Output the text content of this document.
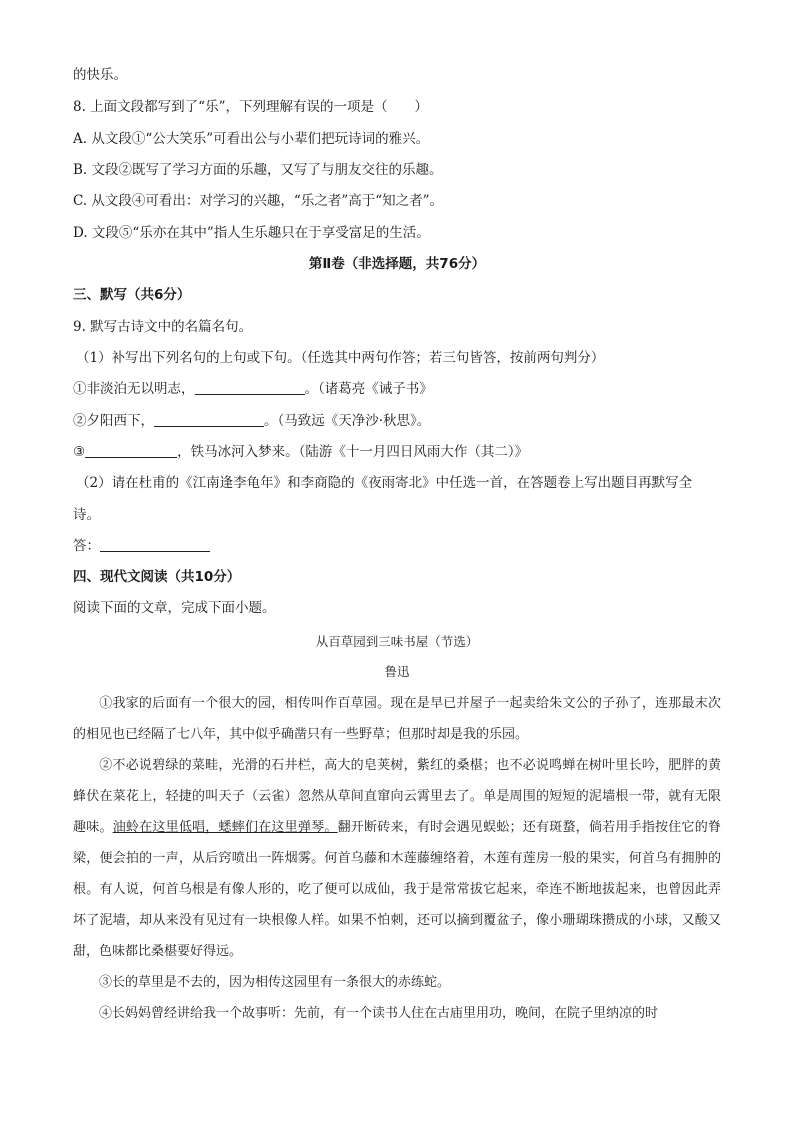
的快乐。
8. 上面文段都写到了“乐”，下列理解有误的一项是（　　）
A. 从文段①“公大笑乐”可看出公与小辈们把玩诗词的雅兴。
B. 文段②既写了学习方面的乐趣，又写了与朋友交往的乐趣。
C. 从文段④可看出：对学习的兴趣，“乐之者”高于“知之者”。
D. 文段⑤“乐亦在其中”指人生乐趣只在于享受富足的生活。
第Ⅱ卷（非选择题，共76分）
三、默写（共6分）
9. 默写古诗文中的名篇名句。
（1）补写出下列名句的上句或下句。（任选其中两句作答；若三句皆答，按前两句判分）
①非淡泊无以明志，	。（诸葛亮《诫子书》
②夕阳西下，	。（马致远《天净沙·秋思》。
③	，铁马冰河入梦来。（陆游《十一月四日风雨大作（其二）》
（2）请在杜甫的《江南逢李龟年》和李商隐的《夜雨寄北》中任选一首，在答题卷上写出题目再默写全
诗。
答：
四、现代文阅读（共10分）
阅读下面的文章，完成下面小题。
从百草园到三味书屋（节选）
鲁迅
①我家的后面有一个很大的园，相传叫作百草园。现在是早已并屋子一起卖给朱文公的子孙了，连那最末次的相见也已经隔了七八年，其中似乎确凿只有一些野草；但那时却是我的乐园。
②不必说碧绿的菜畦，光滑的石井栏，高大的皂荚树，紫红的桑椹；也不必说鸣蝉在树叶里长吟，肥胖的黄蜂伏在菜花上，轻捷的叫天子（云雀）忽然从草间直窜向云霄里去了。单是周围的短短的泥墙根一带，就有无限趣味。油蛉在这里低唱，蟋蟀们在这里弹琴。翻开断砖来，有时会遇见蜈蚣；还有斑蝥，倘若用手指按住它的脊梁，便会拍的一声，从后窍喷出一阵烟雾。何首乌藤和木莲藤缠络着，木莲有莲房一般的果实，何首乌有拥肿的根。有人说，何首乌根是有像人形的，吃了便可以成仙，我于是常常拔它起来，牵连不断地拔起来，也曾因此弄坏了泥墙，却从来没有见过有一块根像人样。如果不怕刺，还可以摘到覆盆子，像小珊瑚珠攒成的小球，又酸又甜，色味都比桑椹要好得远。
③长的草里是不去的，因为相传这园里有一条很大的赤练蛇。
④长妈妈曾经讲给我一个故事听：先前，有一个读书人住在古庙里用功，晚间，在院子里纳凉的时
